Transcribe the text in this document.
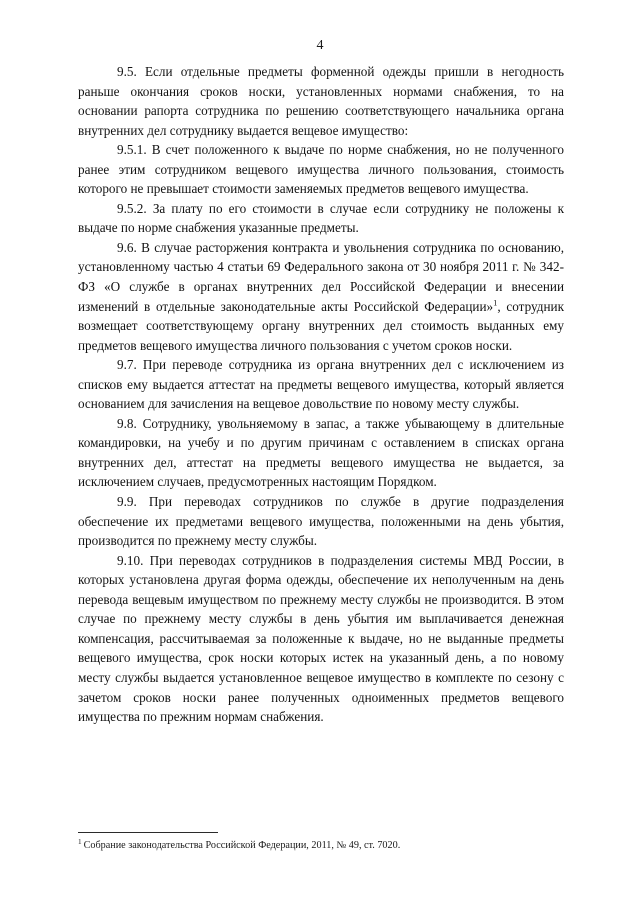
4

9.5. Если отдельные предметы форменной одежды пришли в негодность раньше окончания сроков носки, установленных нормами снабжения, то на основании рапорта сотрудника по решению соответствующего начальника органа внутренних дел сотруднику выдается вещевое имущество:

9.5.1. В счет положенного к выдаче по норме снабжения, но не полученного ранее этим сотрудником вещевого имущества личного пользования, стоимость которого не превышает стоимости заменяемых предметов вещевого имущества.

9.5.2. За плату по его стоимости в случае если сотруднику не положены к выдаче по норме снабжения указанные предметы.

9.6. В случае расторжения контракта и увольнения сотрудника по основанию, установленному частью 4 статьи 69 Федерального закона от 30 ноября 2011 г. № 342-ФЗ «О службе в органах внутренних дел Российской Федерации и внесении изменений в отдельные законодательные акты Российской Федерации»$^1$, сотрудник возмещает соответствующему органу внутренних дел стоимость выданных ему предметов вещевого имущества личного пользования с учетом сроков носки.

9.7. При переводе сотрудника из органа внутренних дел с исключением из списков ему выдается аттестат на предметы вещевого имущества, который является основанием для зачисления на вещевое довольствие по новому месту службы.

9.8. Сотруднику, увольняемому в запас, а также убывающему в длительные командировки, на учебу и по другим причинам с оставлением в списках органа внутренних дел, аттестат на предметы вещевого имущества не выдается, за исключением случаев, предусмотренных настоящим Порядком.

9.9. При переводах сотрудников по службе в другие подразделения обеспечение их предметами вещевого имущества, положенными на день убытия, производится по прежнему месту службы.

9.10. При переводах сотрудников в подразделения системы МВД России, в которых установлена другая форма одежды, обеспечение их неполученным на день перевода вещевым имуществом по прежнему месту службы не производится. В этом случае по прежнему месту службы в день убытия им выплачивается денежная компенсация, рассчитываемая за положенные к выдаче, но не выданные предметы вещевого имущества, срок носки которых истек на указанный день, а по новому месту службы выдается установленное вещевое имущество в комплекте по сезону с зачетом сроков носки ранее полученных одноименных предметов вещевого имущества по прежним нормам снабжения.

$^1$ Собрание законодательства Российской Федерации, 2011, № 49, ст. 7020.
